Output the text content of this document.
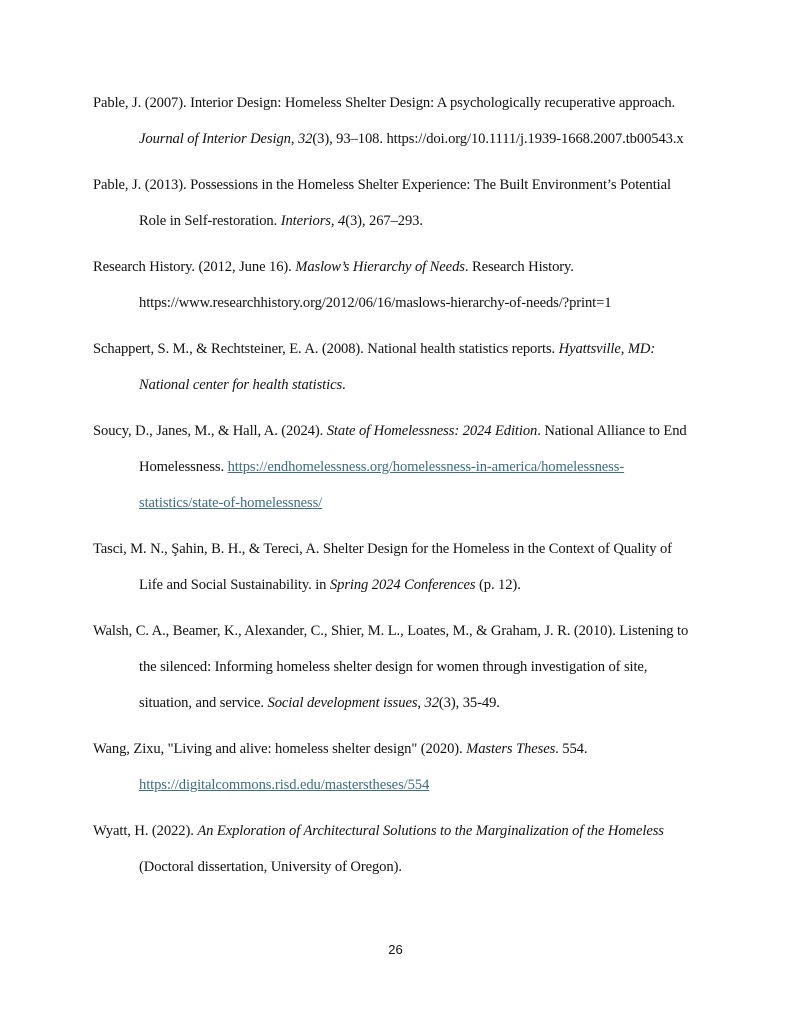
Pable, J. (2007). Interior Design: Homeless Shelter Design: A psychologically recuperative approach. Journal of Interior Design, 32(3), 93–108. https://doi.org/10.1111/j.1939-1668.2007.tb00543.x

Pable, J. (2013). Possessions in the Homeless Shelter Experience: The Built Environment’s Potential Role in Self-restoration. Interiors, 4(3), 267–293.

Research History. (2012, June 16). Maslow’s Hierarchy of Needs. Research History. https://www.researchhistory.org/2012/06/16/maslows-hierarchy-of-needs/?print=1

Schappert, S. M., & Rechtsteiner, E. A. (2008). National health statistics reports. Hyattsville, MD: National center for health statistics.

Soucy, D., Janes, M., & Hall, A. (2024). State of Homelessness: 2024 Edition. National Alliance to End Homelessness. https://endhomelessness.org/homelessness-in-america/homelessness-statistics/state-of-homelessness/

Tasci, M. N., Şahin, B. H., & Tereci, A. Shelter Design for the Homeless in the Context of Quality of Life and Social Sustainability. in Spring 2024 Conferences (p. 12).

Walsh, C. A., Beamer, K., Alexander, C., Shier, M. L., Loates, M., & Graham, J. R. (2010). Listening to the silenced: Informing homeless shelter design for women through investigation of site, situation, and service. Social development issues, 32(3), 35-49.

Wang, Zixu, "Living and alive: homeless shelter design" (2020). Masters Theses. 554. https://digitalcommons.risd.edu/masterstheses/554

Wyatt, H. (2022). An Exploration of Architectural Solutions to the Marginalization of the Homeless (Doctoral dissertation, University of Oregon).

26
